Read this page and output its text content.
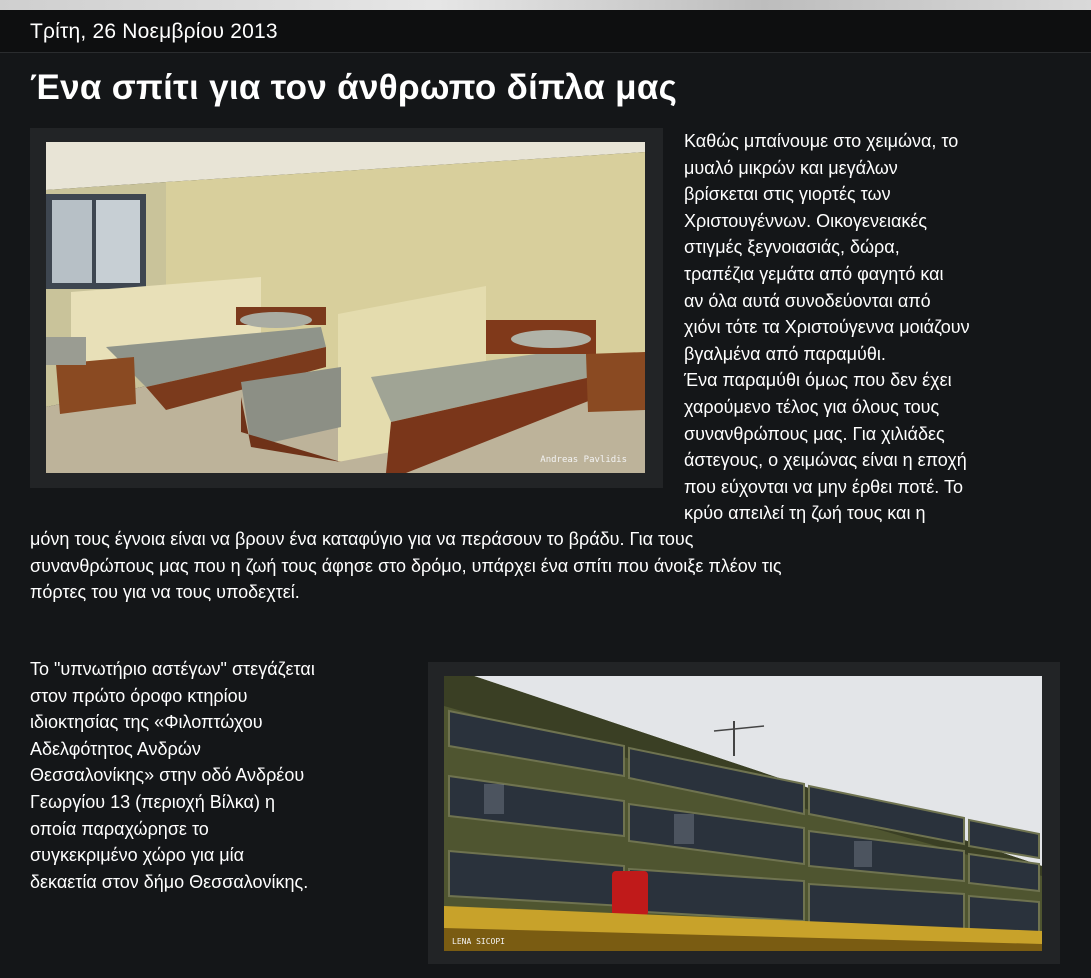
Τρίτη, 26 Νοεμβρίου 2013
Ένα σπίτι για τον άνθρωπο δίπλα μας
Andreas Pavlidis

Καθώς μπαίνουμε στο χειμώνα, το
μυαλό μικρών και μεγάλων
βρίσκεται στις γιορτές των
Χριστουγέννων. Οικογενειακές
στιγμές ξεγνοιασιάς, δώρα,
τραπέζια γεμάτα από φαγητό και
αν όλα αυτά συνοδεύονται από
χιόνι τότε τα Χριστούγεννα μοιάζουν
βγαλμένα από παραμύθι.
Ένα παραμύθι όμως που δεν έχει
χαρούμενο τέλος για όλους τους
συνανθρώπους μας. Για χιλιάδες
άστεγους, ο χειμώνας είναι η εποχή
που εύχονται να μην έρθει ποτέ. Το
κρύο απειλεί τη ζωή τους και η

μόνη τους έγνοια είναι να βρουν ένα καταφύγιο για να περάσουν το βράδυ. Για τους
συνανθρώπους μας που η ζωή τους άφησε στο δρόμο, υπάρχει ένα σπίτι που άνοιξε πλέον τις
πόρτες του για να τους υποδεχτεί.

Το "υπνωτήριο αστέγων" στεγάζεται
στον πρώτο όροφο κτηρίου
ιδιοκτησίας της «Φιλοπτώχου
Αδελφότητος Ανδρών
Θεσσαλονίκης» στην οδό Ανδρέου
Γεωργίου 13 (περιοχή Βίλκα) η
οποία παραχώρησε το
συγκεκριμένο χώρο για μία
δεκαετία στον δήμο Θεσσαλονίκης.

LENA SICOPI
